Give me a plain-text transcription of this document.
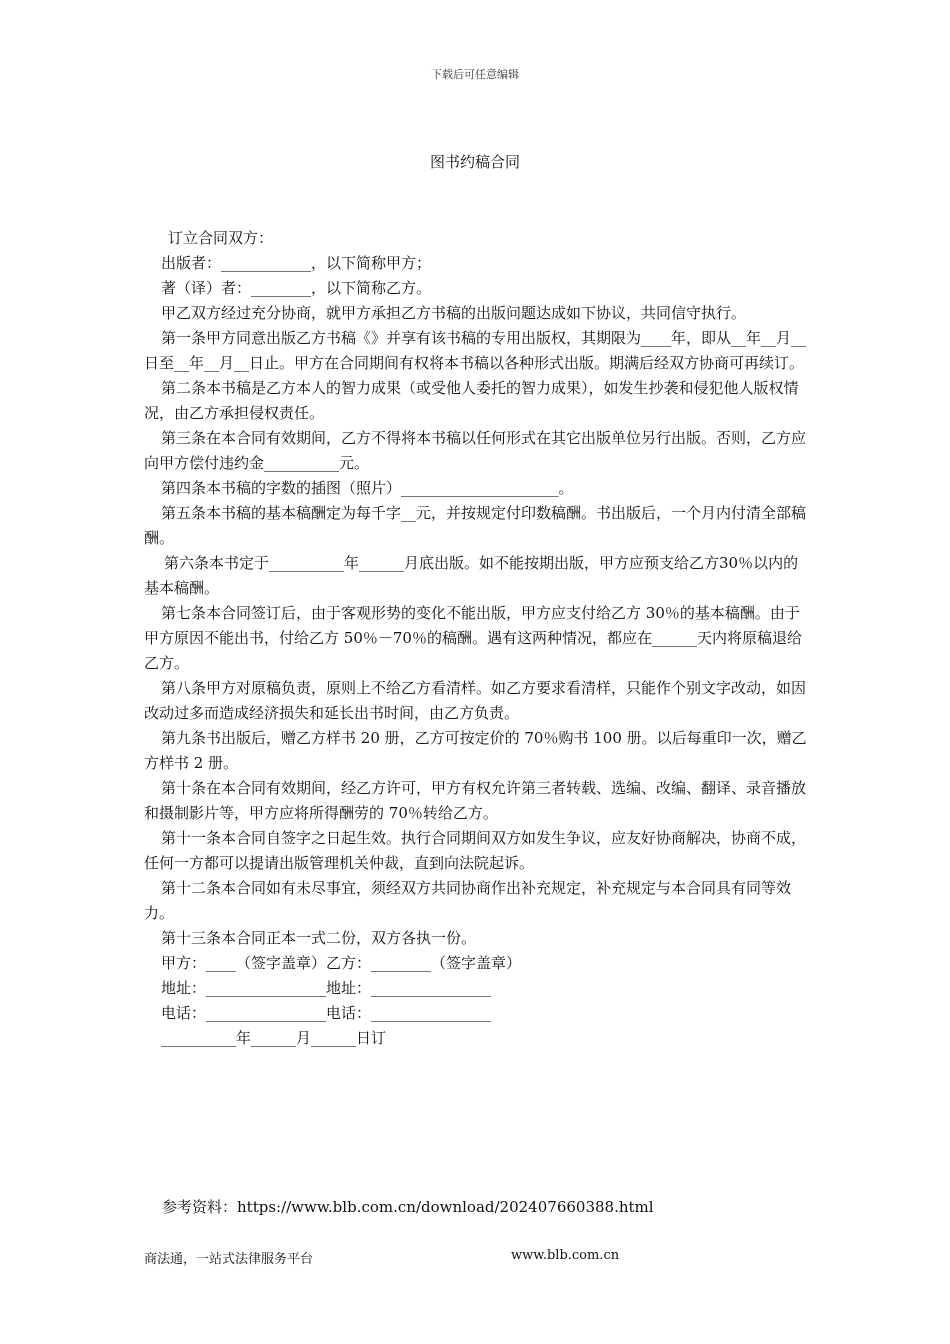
下载后可任意编辑
图书约稿合同

订立合同双方：

出版者：____________，以下简称甲方；

著（译）者：________，以下简称乙方。

甲乙双方经过充分协商，就甲方承担乙方书稿的出版问题达成如下协议，共同信守执行。

第一条甲方同意出版乙方书稿《》并享有该书稿的专用出版权，其期限为____年，即从__年__月__日至__年__月__日止。甲方在合同期间有权将本书稿以各种形式出版。期满后经双方协商可再续订。

第二条本书稿是乙方本人的智力成果（或受他人委托的智力成果），如发生抄袭和侵犯他人版权情况，由乙方承担侵权责任。

第三条在本合同有效期间，乙方不得将本书稿以任何形式在其它出版单位另行出版。否则，乙方应向甲方偿付违约金__________元。

第四条本书稿的字数的插图（照片）_____________________。

第五条本书稿的基本稿酬定为每千字__元，并按规定付印数稿酬。书出版后，一个月内付清全部稿酬。

第六条本书定于__________年______月底出版。如不能按期出版，甲方应预支给乙方30％以内的基本稿酬。

第七条本合同签订后，由于客观形势的变化不能出版，甲方应支付给乙方 30％的基本稿酬。由于甲方原因不能出书，付给乙方 50％－70％的稿酬。遇有这两种情况，都应在______天内将原稿退给乙方。

第八条甲方对原稿负责，原则上不给乙方看清样。如乙方要求看清样，只能作个别文字改动，如因改动过多而造成经济损失和延长出书时间，由乙方负责。

第九条书出版后，赠乙方样书 20 册，乙方可按定价的 70％购书 100 册。以后每重印一次，赠乙方样书 2 册。

第十条在本合同有效期间，经乙方许可，甲方有权允许第三者转载、选编、改编、翻译、录音播放和摄制影片等，甲方应将所得酬劳的 70％转给乙方。

第十一条本合同自签字之日起生效。执行合同期间双方如发生争议，应友好协商解决，协商不成，任何一方都可以提请出版管理机关仲裁，直到向法院起诉。

第十二条本合同如有未尽事宜，须经双方共同协商作出补充规定，补充规定与本合同具有同等效力。

第十三条本合同正本一式二份，双方各执一份。

甲方：____（签字盖章）乙方：________（签字盖章）

地址：________________地址：________________

电话：________________电话：________________

__________年______月______日订

参考资料：https://www.blb.com.cn/download/202407660388.html
商法通，一站式法律服务平台	www.blb.com.cn
